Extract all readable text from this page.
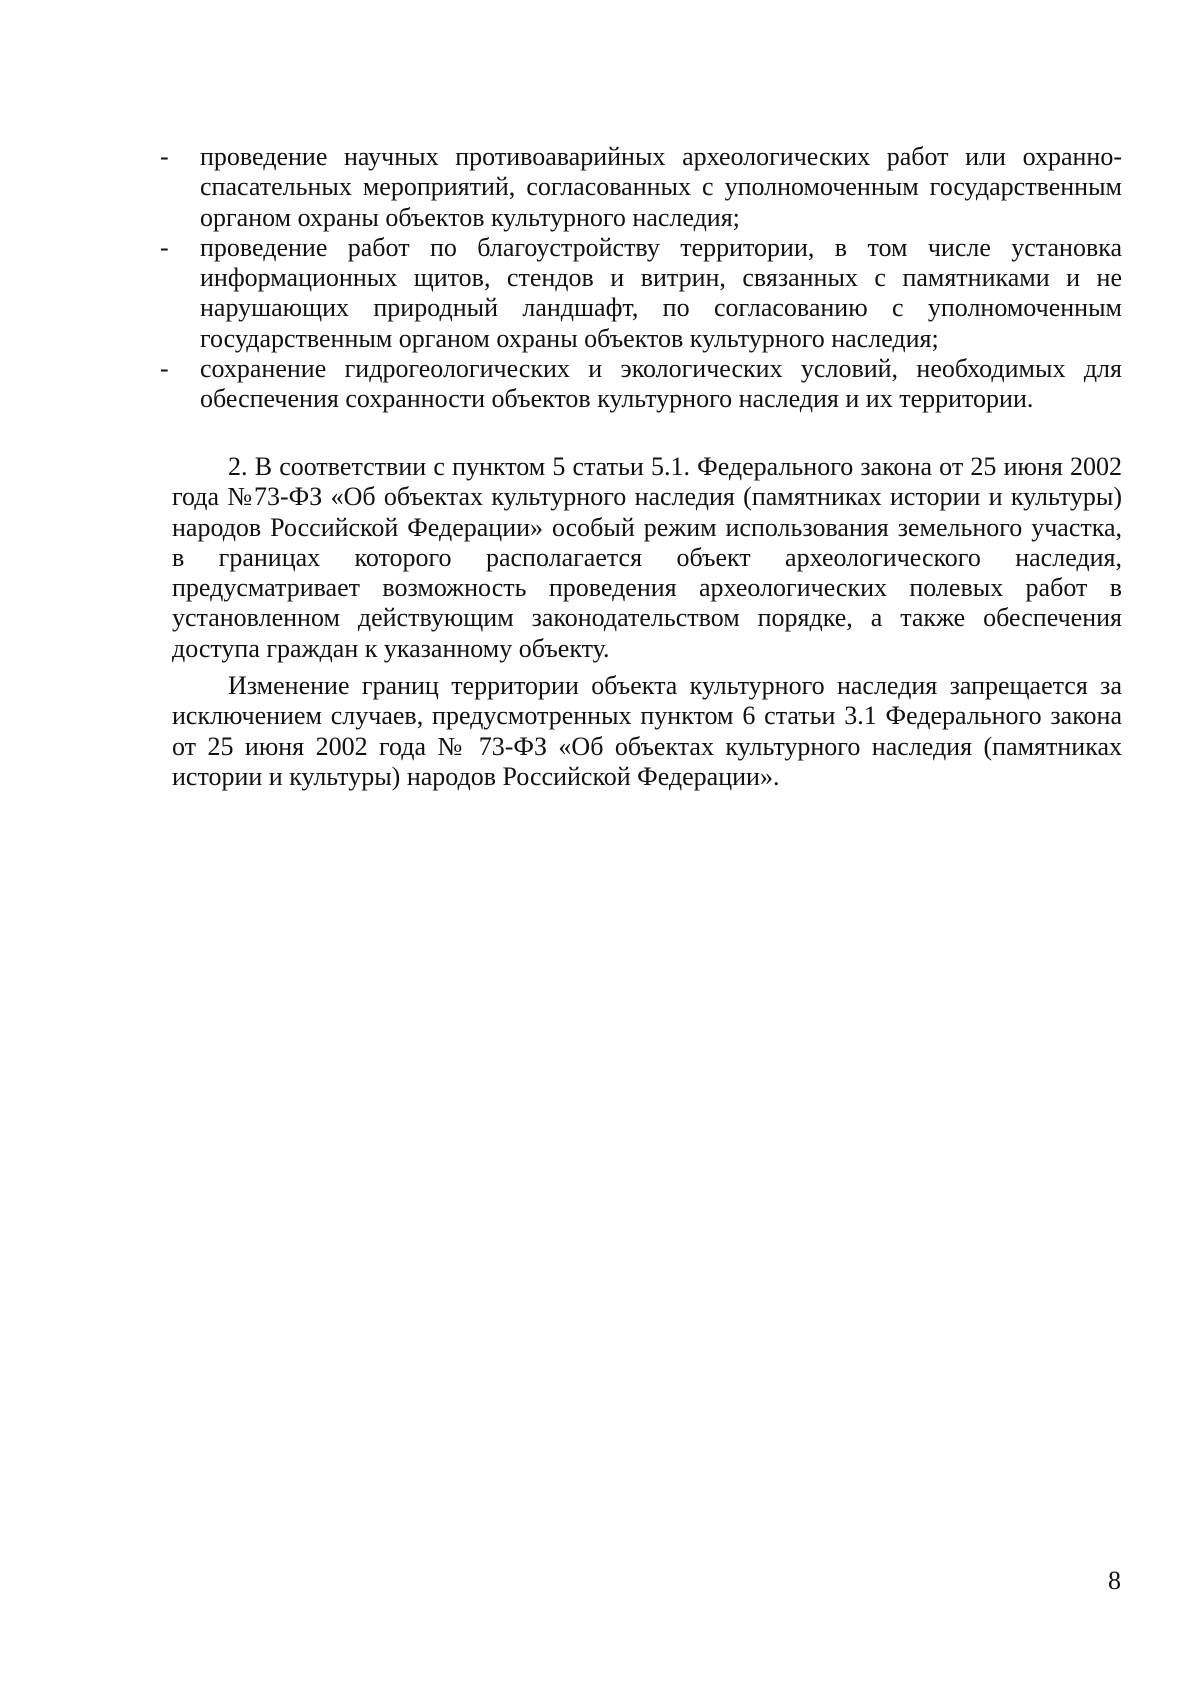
- проведение научных противоаварийных археологических работ или охранно-спасательных мероприятий, согласованных с уполномоченным государственным органом охраны объектов культурного наследия;
- проведение работ по благоустройству территории, в том числе установка информационных щитов, стендов и витрин, связанных с памятниками и не нарушающих природный ландшафт, по согласованию с уполномоченным государственным органом охраны объектов культурного наследия;
- сохранение гидрогеологических и экологических условий, необходимых для обеспечения сохранности объектов культурного наследия и их территории.

2. В соответствии с пунктом 5 статьи 5.1. Федерального закона от 25 июня 2002 года №73-ФЗ «Об объектах культурного наследия (памятниках истории и культуры) народов Российской Федерации» особый режим использования земельного участка, в границах которого располагается объект археологического наследия, предусматривает возможность проведения археологических полевых работ в установленном действующим законодательством порядке, а также обеспечения доступа граждан к указанному объекту.

Изменение границ территории объекта культурного наследия запрещается за исключением случаев, предусмотренных пунктом 6 статьи 3.1 Федерального закона от 25 июня 2002 года № 73-ФЗ «Об объектах культурного наследия (памятниках истории и культуры) народов Российской Федерации».

8
